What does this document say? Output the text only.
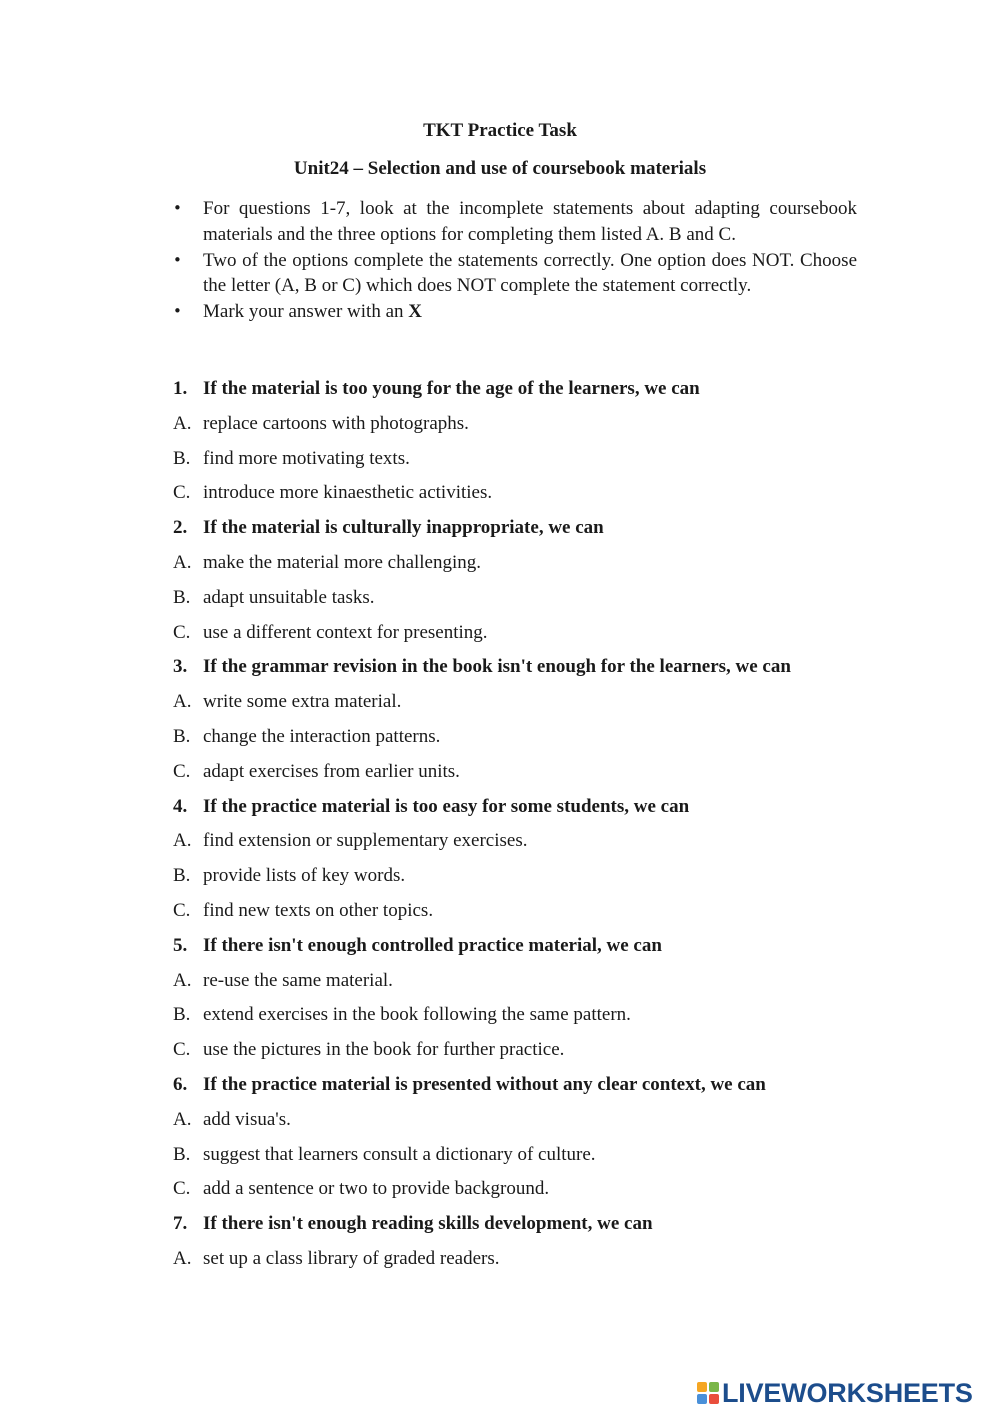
TKT Practice Task
Unit24 – Selection and use of coursebook materials
• For questions 1-7, look at the incomplete statements about adapting coursebook materials and the three options for completing them listed A. B and C.
• Two of the options complete the statements correctly. One option does NOT. Choose the letter (A, B or C) which does NOT complete the statement correctly.
• Mark your answer with an X
1. If the material is too young for the age of the learners, we can
A. replace cartoons with photographs.
B. find more motivating texts.
C. introduce more kinaesthetic activities.
2. If the material is culturally inappropriate, we can
A. make the material more challenging.
B. adapt unsuitable tasks.
C. use a different context for presenting.
3. If the grammar revision in the book isn't enough for the learners, we can
A. write some extra material.
B. change the interaction patterns.
C. adapt exercises from earlier units.
4. If the practice material is too easy for some students, we can
A. find extension or supplementary exercises.
B. provide lists of key words.
C. find new texts on other topics.
5. If there isn't enough controlled practice material, we can
A. re-use the same material.
B. extend exercises in the book following the same pattern.
C. use the pictures in the book for further practice.
6. If the practice material is presented without any clear context, we can
A. add visua's.
B. suggest that learners consult a dictionary of culture.
C. add a sentence or two to provide background.
7. If there isn't enough reading skills development, we can
A. set up a class library of graded readers.
LIVEWORKSHEETS
